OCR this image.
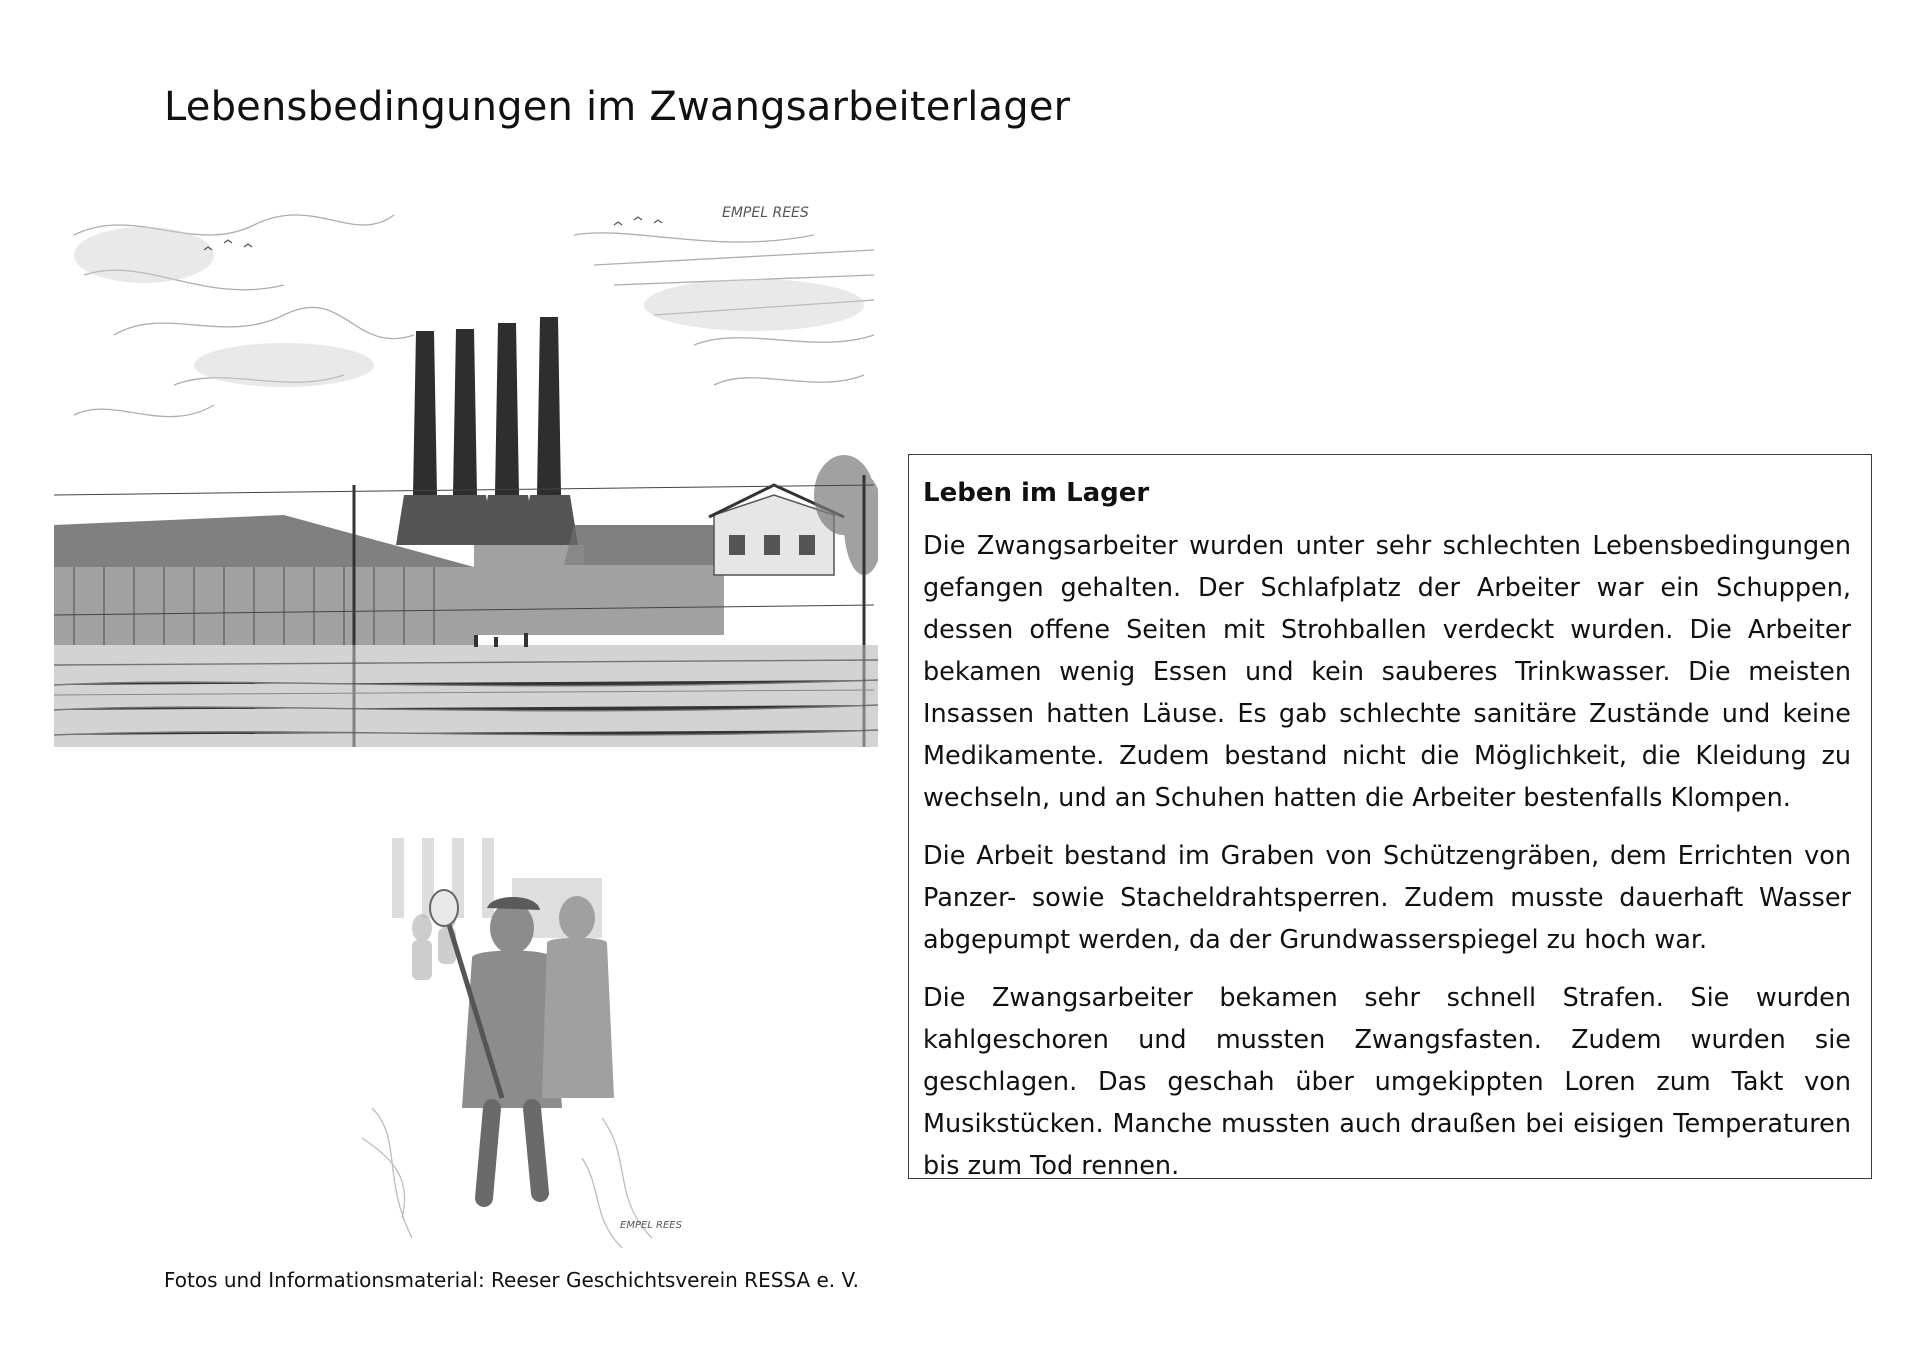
Lebensbedingungen im Zwangsarbeiterlager
EMPEL REES
EMPEL REES
Leben im Lager

Die Zwangsarbeiter wurden unter sehr schlechten Lebensbedingungen gefangen gehalten. Der Schlafplatz der Arbeiter war ein Schuppen, dessen offene Seiten mit Strohballen verdeckt wurden. Die Arbeiter bekamen wenig Essen und kein sauberes Trinkwasser. Die meisten Insassen hatten Läuse. Es gab schlechte sanitäre Zustände und keine Medikamente. Zudem bestand nicht die Möglichkeit, die Kleidung zu wechseln, und an Schuhen hatten die Arbeiter bestenfalls Klompen.

Die Arbeit bestand im Graben von Schützengräben, dem Errichten von Panzer- sowie Stacheldrahtsperren. Zudem musste dauerhaft Wasser abgepumpt werden, da der Grundwasserspiegel zu hoch war.

Die Zwangsarbeiter bekamen sehr schnell Strafen. Sie wurden kahlgeschoren und mussten Zwangsfasten. Zudem wurden sie geschlagen. Das geschah über umgekippten Loren zum Takt von Musikstücken. Manche mussten auch draußen bei eisigen Temperaturen bis zum Tod rennen.

Fotos und Informationsmaterial: Reeser Geschichtsverein RESSA e. V.
